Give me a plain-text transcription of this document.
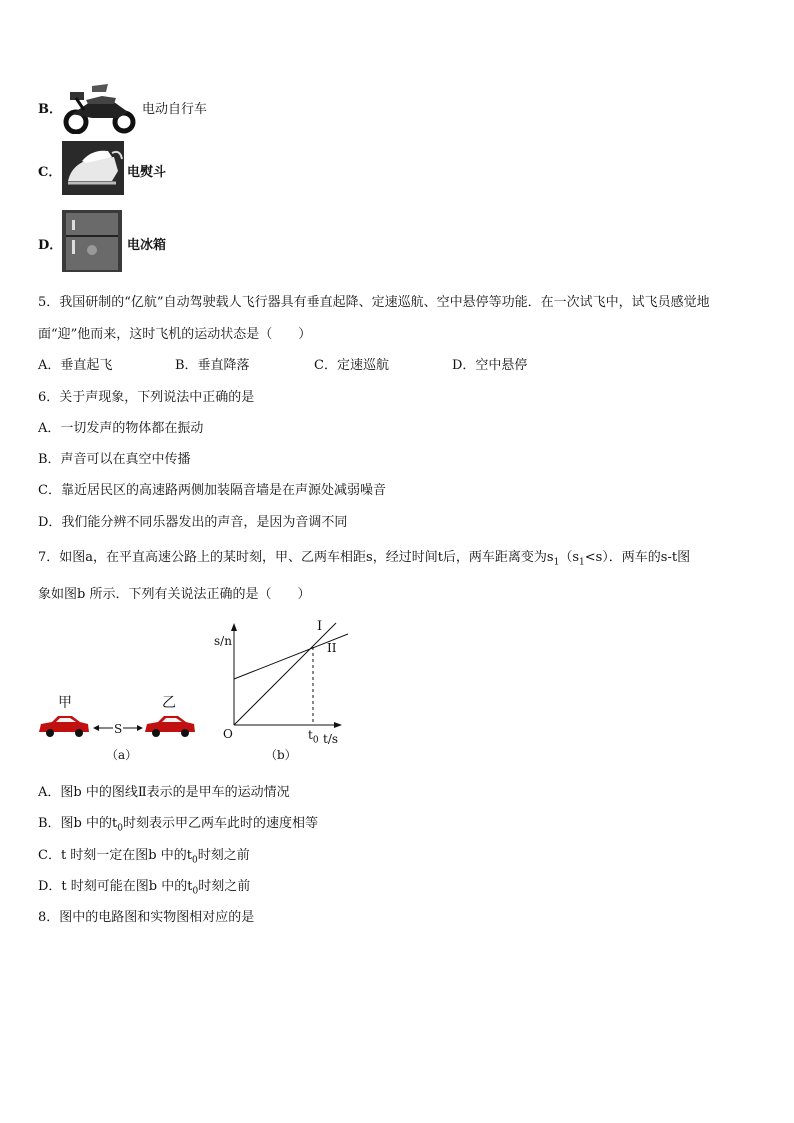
B．	电动自行车
C．	电熨斗
D．	电冰箱
5．我国研制的“亿航”自动驾驶载人飞行器具有垂直起降、定速巡航、空中悬停等功能．在一次试飞中，试飞员感觉地
面“迎”他而来，这时飞机的运动状态是（　　）
A．垂直起飞	B．垂直降落	C．定速巡航	D．空中悬停
6．关于声现象，下列说法中正确的是
A．一切发声的物体都在振动
B．声音可以在真空中传播
C．靠近居民区的高速路两侧加装隔音墙是在声源处减弱噪音
D．我们能分辨不同乐器发出的声音，是因为音调不同
7．如图a，在平直高速公路上的某时刻，甲、乙两车相距s，经过时间t后，两车距离变为$s_1(s_1<s)$．两车的s-t图
象如图b 所示．下列有关说法正确的是（　　）
甲	乙
S
（a）
s/n
O	$t_0$ t/s
I
II
（b）
A．图b 中的图线Ⅱ表示的是甲车的运动情况
B．图b 中的$t_0$时刻表示甲乙两车此时的速度相等
C．t 时刻一定在图b 中的$t_0$时刻之前
D．t 时刻可能在图b 中的$t_0$时刻之前
8．图中的电路图和实物图相对应的是
